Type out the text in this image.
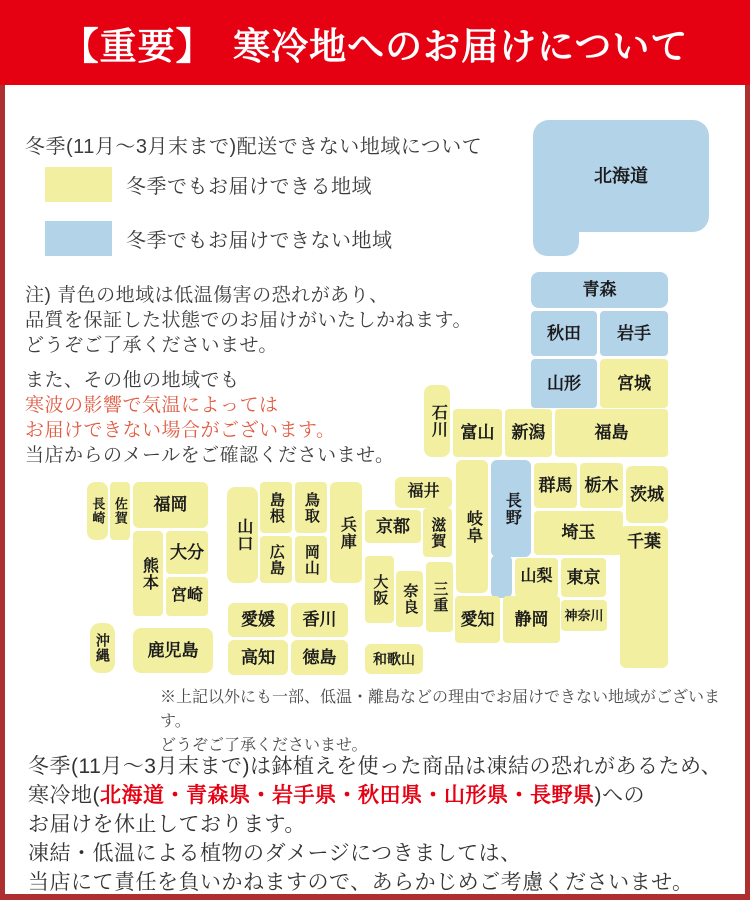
【重要】　寒冷地へのお届けについて
冬季(11月〜3月末まで)配送できない地域について
冬季でもお届けできる地域
冬季でもお届けできない地域
注) 青色の地域は低温傷害の恐れがあり、
品質を保証した状態でのお届けがいたしかねます。
どうぞご了承くださいませ。
また、その他の地域でも
寒波の影響で気温によっては
お届けできない場合がございます。
当店からのメールをご確認くださいませ。
北海道
青森
秋田	岩手
山形	宮城
石川 富山	新潟	福島
福井
岐阜
長野
群馬 栃木 茨城
埼玉
山梨 東京
神奈川
千葉
愛知	静岡
京都	滋賀
兵庫
大阪 奈良 三重
和歌山
山口
島根	鳥取
広島	岡山
愛媛	香川
高知	徳島
長崎 佐賀	福岡
熊本
大分
宮崎
鹿児島
沖縄
※上記以外にも一部、低温・離島などの理由でお届けできない地域がございます。
どうぞご了承くださいませ。
冬季(11月〜3月末まで)は鉢植えを使った商品は凍結の恐れがあるため、
寒冷地(北海道・青森県・岩手県・秋田県・山形県・長野県)への
お届けを休止しております。
凍結・低温による植物のダメージにつきましては、
当店にて責任を負いかねますので、あらかじめご考慮くださいませ。
